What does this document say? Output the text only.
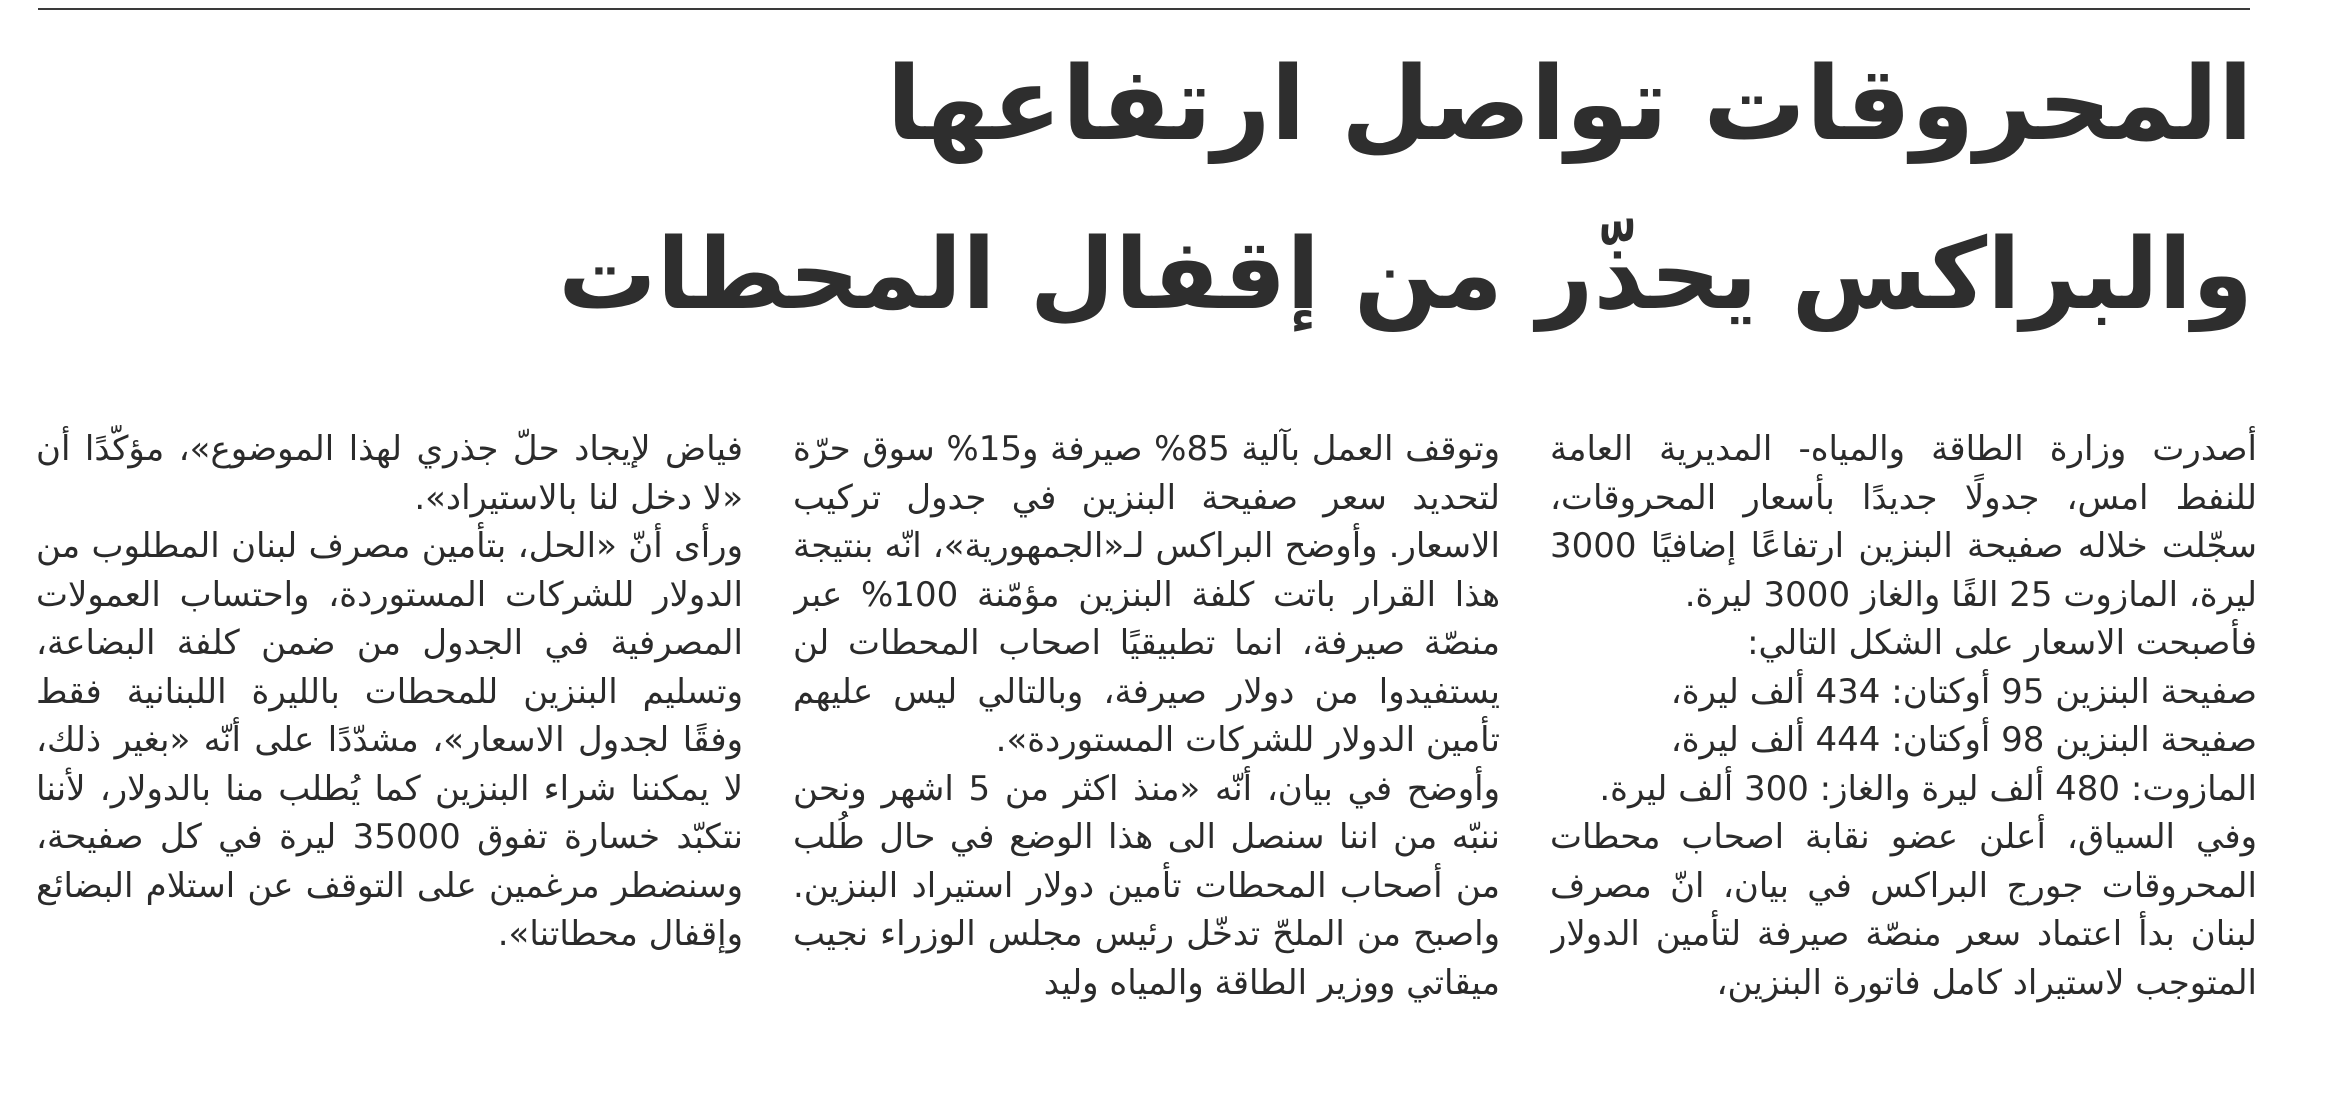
المحروقات تواصل ارتفاعها
والبراكس يحذّر من إقفال المحطات

أصدرت وزارة الطاقة والمياه- المديرية العامة للنفط امس، جدولًا جديدًا بأسعار المحروقات، سجّلت خلاله صفيحة البنزين ارتفاعًا إضافيًا 3000 ليرة، المازوت 25 الفًا والغاز 3000 ليرة.

فأصبحت الاسعار على الشكل التالي:

صفيحة البنزين 95 أوكتان: 434 ألف ليرة،

صفيحة البنزين 98 أوكتان: 444 ألف ليرة،

المازوت: 480 ألف ليرة والغاز: 300 ألف ليرة.

وفي السياق، أعلن عضو نقابة اصحاب محطات المحروقات جورج البراكس في بيان، انّ مصرف لبنان بدأ اعتماد سعر منصّة صيرفة لتأمين الدولار المتوجب لاستيراد كامل فاتورة البنزين،

وتوقف العمل بآلية 85% صيرفة و15% سوق حرّة لتحديد سعر صفيحة البنزين في جدول تركيب الاسعار. وأوضح البراكس لـ«الجمهورية»، انّه بنتيجة هذا القرار باتت كلفة البنزين مؤمّنة 100% عبر منصّة صيرفة، انما تطبيقيًا اصحاب المحطات لن يستفيدوا من دولار صيرفة، وبالتالي ليس عليهم تأمين الدولار للشركات المستوردة».

وأوضح في بيان، أنّه «منذ اكثر من 5 اشهر ونحن ننبّه من اننا سنصل الى هذا الوضع في حال طُلب من أصحاب المحطات تأمين دولار استيراد البنزين. واصبح من الملحّ تدخّل رئيس مجلس الوزراء نجيب ميقاتي ووزير الطاقة والمياه وليد

فياض لإيجاد حلّ جذري لهذا الموضوع»، مؤكّدًا أن «لا دخل لنا بالاستيراد».

ورأى أنّ «الحل، بتأمين مصرف لبنان المطلوب من الدولار للشركات المستوردة، واحتساب العمولات المصرفية في الجدول من ضمن كلفة البضاعة، وتسليم البنزين للمحطات بالليرة اللبنانية فقط وفقًا لجدول الاسعار»، مشدّدًا على أنّه «بغير ذلك، لا يمكننا شراء البنزين كما يُطلب منا بالدولار، لأننا نتكبّد خسارة تفوق 35000 ليرة في كل صفيحة، وسنضطر مرغمين على التوقف عن استلام البضائع وإقفال محطاتنا».
